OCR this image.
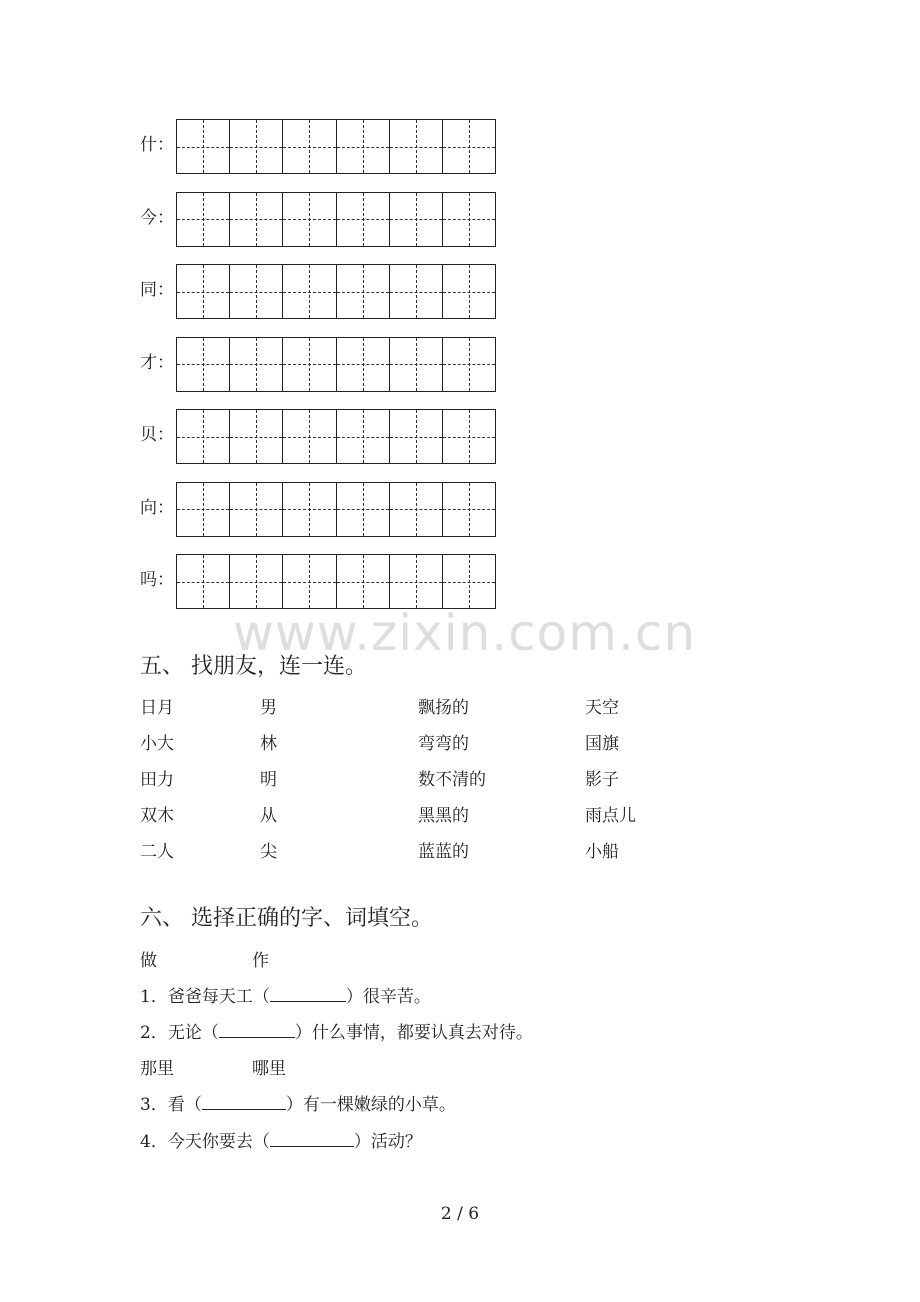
什：
今：
同：
才：
贝：
向：
吗：
www.zixin.com.cn
五、 找朋友，连一连。
日月	男	飘扬的	天空
小大	林	弯弯的	国旗
田力	明	数不清的	影子
双木	从	黑黑的	雨点儿
二人	尖	蓝蓝的	小船
六、 选择正确的字、词填空。
做	作
1．爸爸每天工（	）很辛苦。
2．无论（	）什么事情，都要认真去对待。
那里	哪里
3．看（	）有一棵嫩绿的小草。
4．今天你要去（	）活动？
2 / 6
